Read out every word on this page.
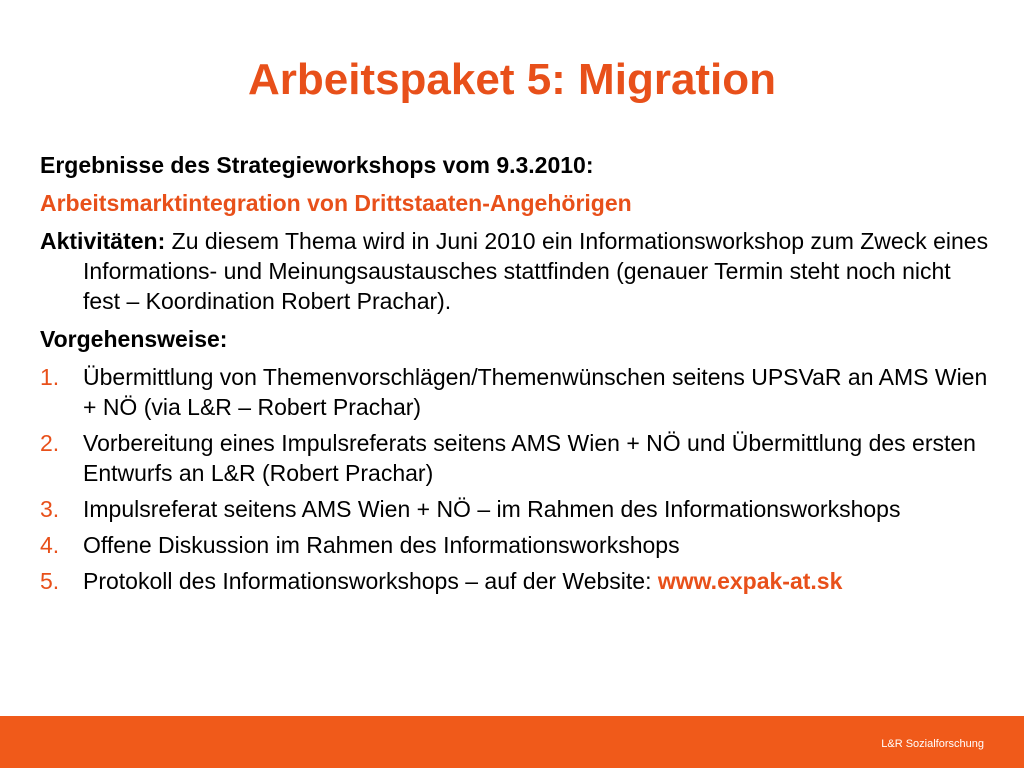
Arbeitspaket 5: Migration

Ergebnisse des Strategieworkshops vom 9.3.2010:

Arbeitsmarktintegration von Drittstaaten-Angehörigen

Aktivitäten: Zu diesem Thema wird in Juni 2010 ein Informationsworkshop zum Zweck eines Informations- und Meinungsaustausches stattfinden (genauer Termin steht noch nicht fest – Koordination Robert Prachar).

Vorgehensweise:

1. Übermittlung von Themenvorschlägen/Themenwünschen seitens UPSVaR an AMS Wien + NÖ (via L&R – Robert Prachar)
2. Vorbereitung eines Impulsreferats seitens AMS Wien + NÖ und Übermittlung des ersten Entwurfs an L&R (Robert Prachar)
3. Impulsreferat seitens AMS Wien + NÖ – im Rahmen des Informationsworkshops
4. Offene Diskussion im Rahmen des Informationsworkshops
5. Protokoll des Informationsworkshops – auf der Website: www.expak-at.sk
L&R Sozialforschung
